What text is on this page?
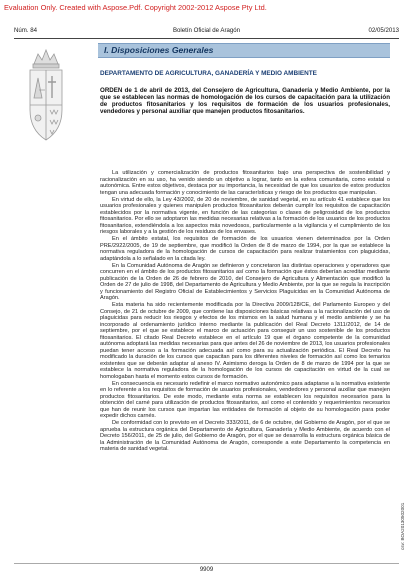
Evaluation Only. Created with Aspose.Pdf. Copyright 2002-2012 Aspose Pty Ltd.
Núm. 84	Boletín Oficial de Aragón	02/05/2013
I. Disposiciones Generales
DEPARTAMENTO DE AGRICULTURA, GANADERÍA Y MEDIO AMBIENTE
ORDEN de 1 de abril de 2013, del Consejero de Agricultura, Ganadería y Medio Ambiente, por la que se establecen las normas de homologación de los cursos de capacitación para la utilización de productos fitosanitarios y los requisitos de formación de los usuarios profesionales, vendedores y personal auxiliar que manejen productos fitosanitarios.

La utilización y comercialización de productos fitosanitarios bajo una perspectiva de sostenibilidad y racionalización en su uso, ha venido siendo un objetivo a lograr, tanto en la esfera comunitaria, como estatal o autonómica. Entre estos objetivos, destaca por su importancia, la necesidad de que los usuarios de estos productos tengan una adecuada formación y conocimiento de las características y riesgo de los productos que manipulan.

En virtud de ello, la Ley 43/2002, de 20 de noviembre, de sanidad vegetal, en su artículo 41 establece que los usuarios profesionales y quienes manipulen productos fitosanitarios deberán cumplir los requisitos de capacitación establecidos por la normativa vigente, en función de las categorías o clases de peligrosidad de los productos fitosanitarios. Por ello se adoptaron las medidas necesarias relativas a la formación de los usuarios de los productos fitosanitarios, extendiéndola a los aspectos más novedosos, particularmente a la vigilancia y el cumplimiento de los riesgos laborales y a la gestión de los residuos de los envases.

En el ámbito estatal, los requisitos de formación de los usuarios vienen determinados por la Orden PRE/2922/2005, de 19 de septiembre, que modificó la Orden de 8 de marzo de 1994, por la que se establece la normativa reguladora de la homologación de cursos de capacitación para realizar tratamientos con plaguicidas, adaptándola a lo señalado en la citada ley.

En la Comunidad Autónoma de Aragón se definieron y concretaron las distintas operaciones y operadores que concurren en el ámbito de los productos fitosanitarios así como la formación que éstos deberían acreditar mediante publicación de la Orden de 26 de febrero de 2010, del Consejero de Agricultura y Alimentación que modificó la Orden de 27 de julio de 1998, del Departamento de Agricultura y Medio Ambiente, por la que se regula la inscripción y funcionamiento del Registro Oficial de Establecimientos y Servicios Plaguicidas en la Comunidad Autónoma de Aragón.

Esta materia ha sido recientemente modificada por la Directiva 2009/128/CE, del Parlamento Europeo y del Consejo, de 21 de octubre de 2009, que contiene las disposiciones básicas relativas a la racionalización del uso de plaguicidas para reducir los riesgos y efectos de los mismos en la salud humana y el medio ambiente y se ha incorporado al ordenamiento jurídico interno mediante la publicación del Real Decreto 1311/2012, de 14 de septiembre, por el que se establece el marco de actuación para conseguir un uso sostenible de los productos fitosanitarios. El citado Real Decreto establece en el artículo 19 que el órgano competente de la comunidad autónoma adoptará las medidas necesarias para que antes del 26 de noviembre de 2013, los usuarios profesionales puedan tener acceso a la formación adecuada así como para su actualización periódica. El Real Decreto ha modificado la duración de los cursos que capacitan para los diferentes niveles de formación así como los temarios existentes que se deberán adaptar al anexo IV. Asimismo deroga la Orden de 8 de marzo de 1994 por la que se establece la normativa reguladora de la homologación de los cursos de capacitación en virtud de la cual se homologaban hasta el momento estos cursos de formación.

En consecuencia es necesario redefinir el marco normativo autonómico para adaptarse a la normativa existente en lo referente a los requisitos de formación de usuarios profesionales, vendedores y personal auxiliar que manejen productos fitosanitarios. De este modo, mediante esta norma se establecen los requisitos necesarios para la obtención del carné para utilización de productos fitosanitarios, así como el contenido y requerimientos necesarios que han de reunir los cursos que impartan las entidades de formación al objeto de su homologación para poder expedir dichos carnés.

De conformidad con lo previsto en el Decreto 333/2011, de 6 de octubre, del Gobierno de Aragón, por el que se aprueba la estructura orgánica del Departamento de Agricultura, Ganadería y Medio Ambiente, de acuerdo con el Decreto 156/2011, de 25 de julio, del Gobierno de Aragón, por el que se desarrolla la estructura orgánica básica de la Administración de la Comunidad Autónoma de Aragón, corresponde a este Departamento la competencia en materia de sanidad vegetal.

csv: BOA20130502001
9909
